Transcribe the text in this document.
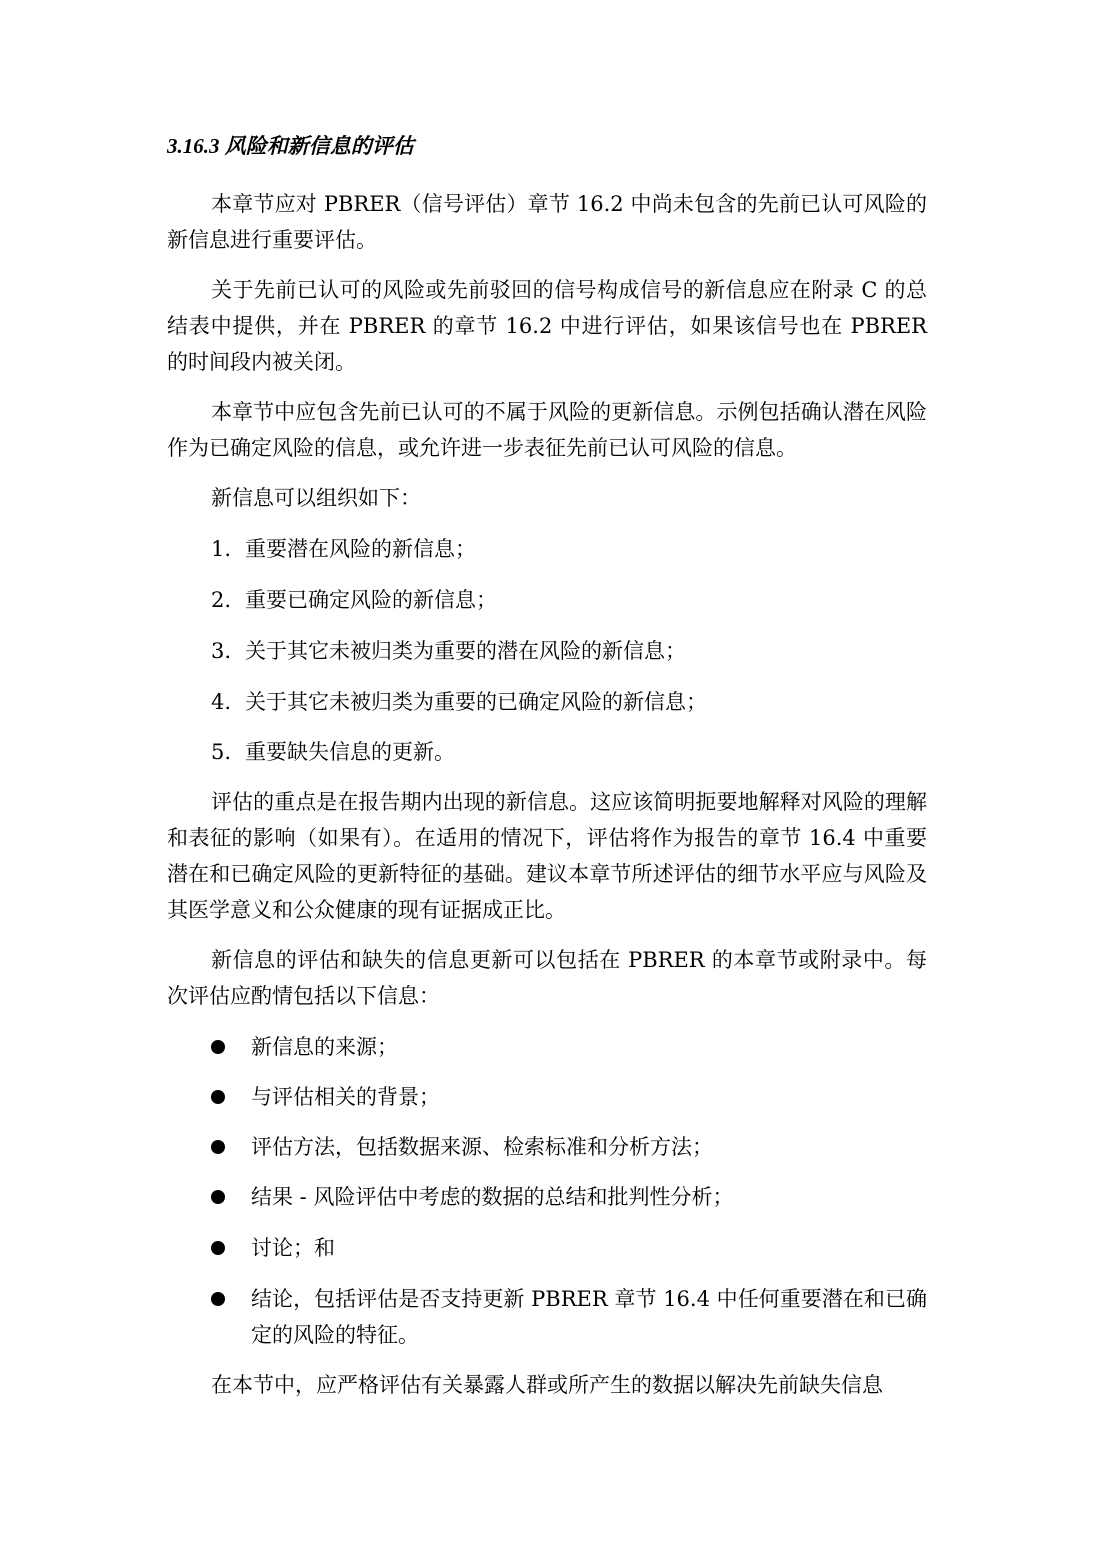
3.16.3 风险和新信息的评估
本章节应对 PBRER（信号评估）章节 16.2 中尚未包含的先前已认可风险的新信息进行重要评估。
关于先前已认可的风险或先前驳回的信号构成信号的新信息应在附录 C 的总结表中提供，并在 PBRER 的章节 16.2 中进行评估，如果该信号也在 PBRER 的时间段内被关闭。
本章节中应包含先前已认可的不属于风险的更新信息。示例包括确认潜在风险作为已确定风险的信息，或允许进一步表征先前已认可风险的信息。
新信息可以组织如下：
1. 重要潜在风险的新信息；
2. 重要已确定风险的新信息；
3. 关于其它未被归类为重要的潜在风险的新信息；
4. 关于其它未被归类为重要的已确定风险的新信息；
5. 重要缺失信息的更新。
评估的重点是在报告期内出现的新信息。这应该简明扼要地解释对风险的理解和表征的影响（如果有）。在适用的情况下，评估将作为报告的章节 16.4 中重要潜在和已确定风险的更新特征的基础。建议本章节所述评估的细节水平应与风险及其医学意义和公众健康的现有证据成正比。
新信息的评估和缺失的信息更新可以包括在 PBRER 的本章节或附录中。每次评估应酌情包括以下信息：
新信息的来源；
与评估相关的背景；
评估方法，包括数据来源、检索标准和分析方法；
结果 - 风险评估中考虑的数据的总结和批判性分析；
讨论；和
结论，包括评估是否支持更新 PBRER 章节 16.4 中任何重要潜在和已确定的风险的特征。
在本节中，应严格评估有关暴露人群或所产生的数据以解决先前缺失信息
